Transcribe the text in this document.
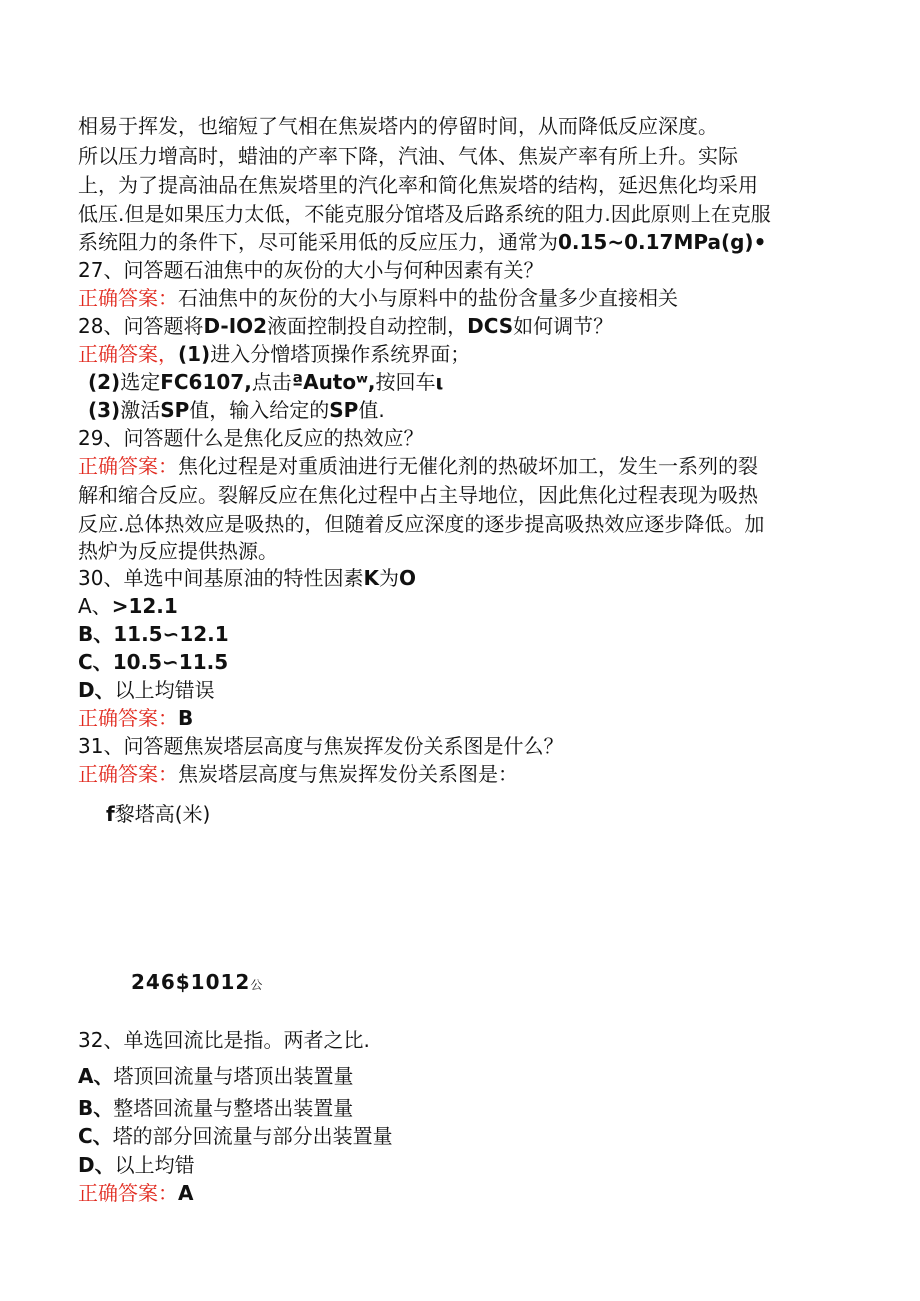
相易于挥发，也缩短了气相在焦炭塔内的停留时间，从而降低反应深度。
所以压力增高时，蜡油的产率下降，汽油、气体、焦炭产率有所上升。实际
上，为了提高油品在焦炭塔里的汽化率和简化焦炭塔的结构，延迟焦化均采用
低压.但是如果压力太低，不能克服分馆塔及后路系统的阻力.因此原则上在克服
系统阻力的条件下，尽可能采用低的反应压力，通常为0.15~0.17MPa(g)•
27、问答题石油焦中的灰份的大小与何种因素有关？
正确答案：石油焦中的灰份的大小与原料中的盐份含量多少直接相关
28、问答题将D-IO2液面控制投自动控制，DCS如何调节？
正确答案，(1)进入分憎塔顶操作系统界面；
(2)选定FC6107,点击ªAutoʷ,按回车ι
(3)激活SP值，输入给定的SP值.
29、问答题什么是焦化反应的热效应？
正确答案：焦化过程是对重质油进行无催化剂的热破坏加工，发生一系列的裂
解和缩合反应。裂解反应在焦化过程中占主导地位，因此焦化过程表现为吸热
反应.总体热效应是吸热的，但随着反应深度的逐步提高吸热效应逐步降低。加
热炉为反应提供热源。
30、单选中间基原油的特性因素K为O
A、>12.1
B、11.5∽12.1
C、10.5∽11.5
D、以上均错误
正确答案：B
31、问答题焦炭塔层高度与焦炭挥发份关系图是什么？
正确答案：焦炭塔层高度与焦炭挥发份关系图是：
f黎塔高(米)
246$1012公
32、单选回流比是指。两者之比.
A、塔顶回流量与塔顶出装置量
B、整塔回流量与整塔出装置量
C、塔的部分回流量与部分出装置量
D、以上均错
正确答案：A
